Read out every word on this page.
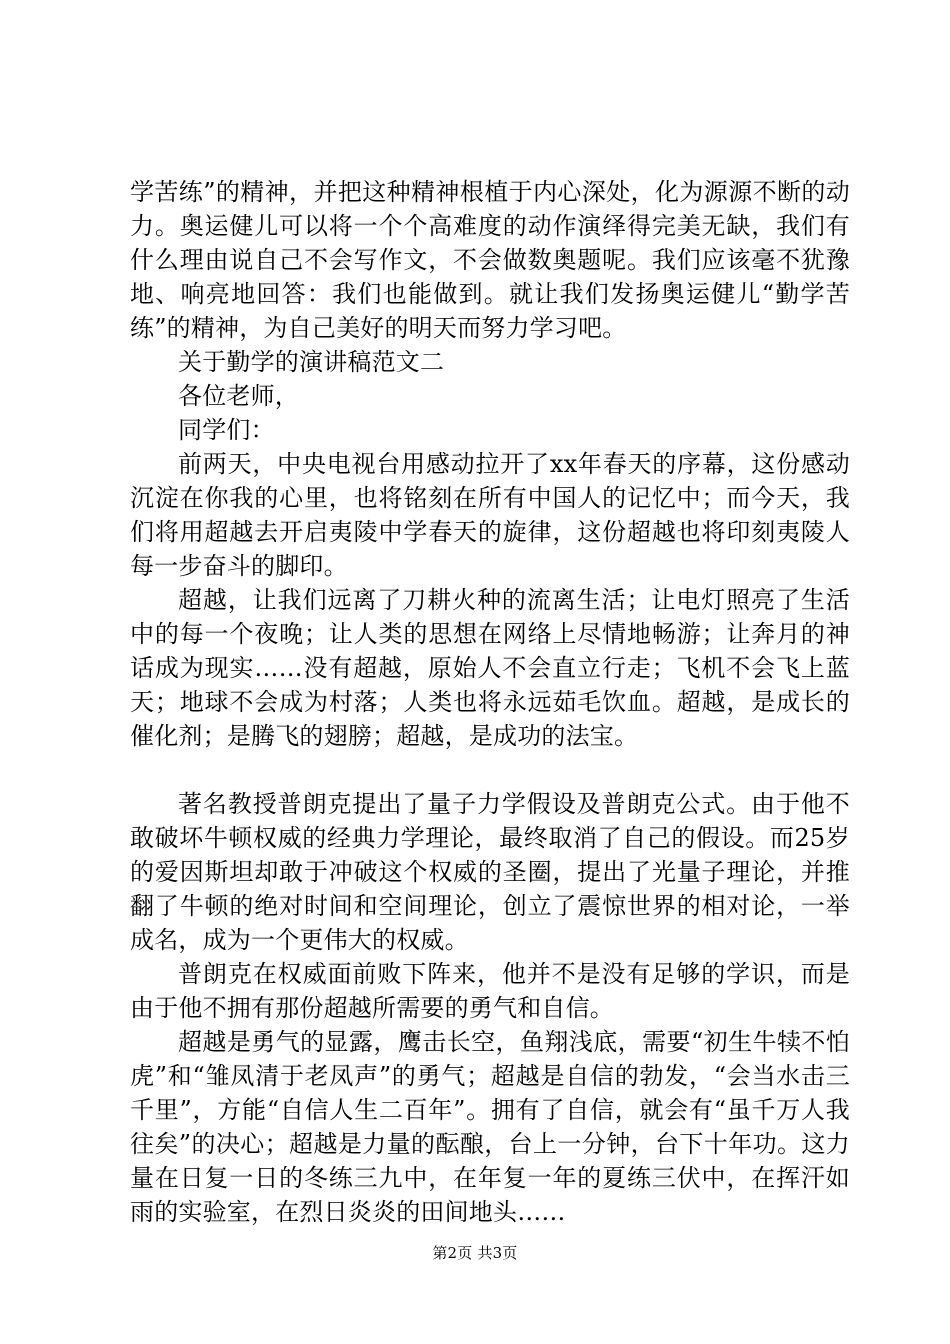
学苦练”的精神，并把这种精神根植于内心深处，化为源源不断的动力。奥运健儿可以将一个个高难度的动作演绎得完美无缺，我们有什么理由说自己不会写作文，不会做数奥题呢。我们应该毫不犹豫地、响亮地回答：我们也能做到。就让我们发扬奥运健儿“勤学苦练”的精神，为自己美好的明天而努力学习吧。

关于勤学的演讲稿范文二

各位老师，

同学们：

前两天，中央电视台用感动拉开了xx年春天的序幕，这份感动沉淀在你我的心里，也将铭刻在所有中国人的记忆中；而今天，我们将用超越去开启夷陵中学春天的旋律，这份超越也将印刻夷陵人每一步奋斗的脚印。

超越，让我们远离了刀耕火种的流离生活；让电灯照亮了生活中的每一个夜晚；让人类的思想在网络上尽情地畅游；让奔月的神话成为现实……没有超越，原始人不会直立行走；飞机不会飞上蓝天；地球不会成为村落；人类也将永远茹毛饮血。超越，是成长的催化剂；是腾飞的翅膀；超越，是成功的法宝。

著名教授普朗克提出了量子力学假设及普朗克公式。由于他不敢破坏牛顿权威的经典力学理论，最终取消了自己的假设。而25岁的爱因斯坦却敢于冲破这个权威的圣圈，提出了光量子理论，并推翻了牛顿的绝对时间和空间理论，创立了震惊世界的相对论，一举成名，成为一个更伟大的权威。

普朗克在权威面前败下阵来，他并不是没有足够的学识，而是由于他不拥有那份超越所需要的勇气和自信。

超越是勇气的显露，鹰击长空，鱼翔浅底，需要“初生牛犊不怕虎”和“雏凤清于老凤声”的勇气；超越是自信的勃发，“会当水击三千里”，方能“自信人生二百年”。拥有了自信，就会有“虽千万人我往矣”的决心；超越是力量的酝酿，台上一分钟，台下十年功。这力量在日复一日的冬练三九中，在年复一年的夏练三伏中，在挥汗如雨的实验室，在烈日炎炎的田间地头……

第2页 共3页
